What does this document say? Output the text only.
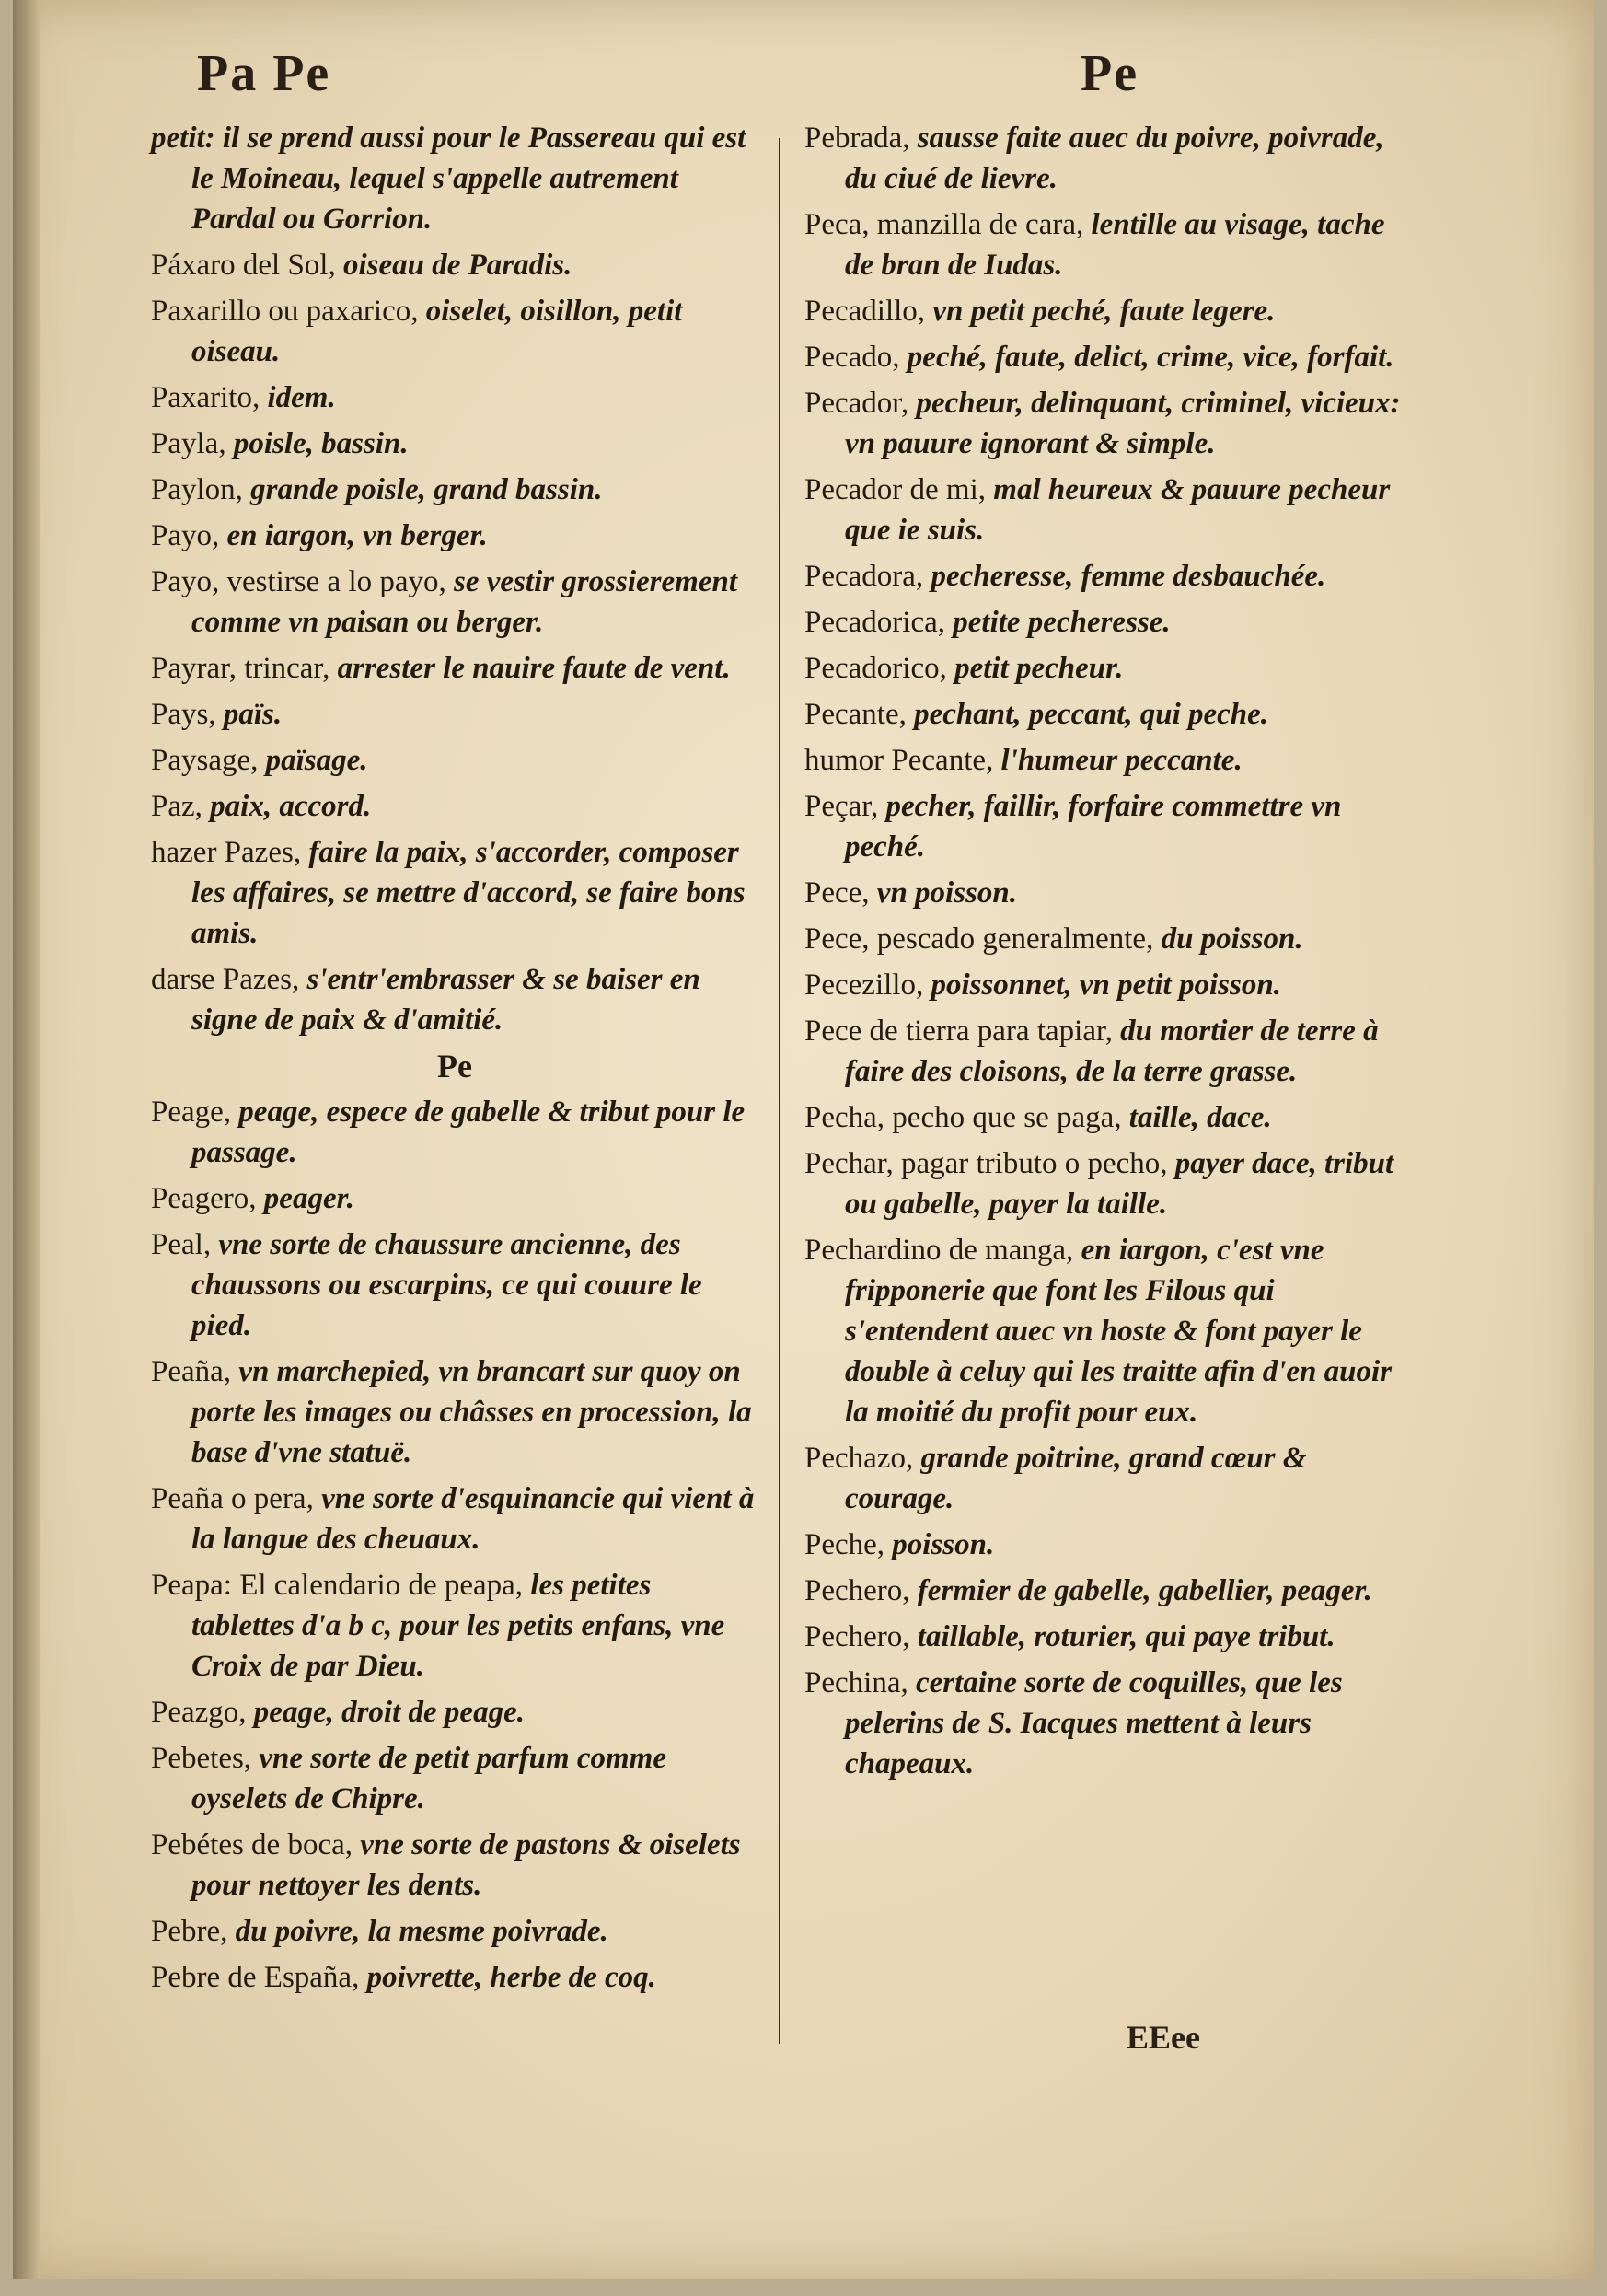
Pa Pe	Pe
petit: il se prend aussi pour le Passereau qui est le Moineau, lequel s'appelle autrement Pardal ou Gorrion.
Páxaro del Sol, oiseau de Paradis.
Paxarillo ou paxarico, oiselet, oisillon, petit oiseau.
Paxarito, idem.
Payla, poisle, bassin.
Paylon, grande poisle, grand bassin.
Payo, en iargon, vn berger.
Payo, vestirse a lo payo, se vestir grossierement comme vn paisan ou berger.
Payrar, trincar, arrester le nauire faute de vent.
Pays, païs.
Paysage, païsage.
Paz, paix, accord.
hazer Pazes, faire la paix, s'accorder, composer les affaires, se mettre d'accord, se faire bons amis.
darse Pazes, s'entr'embrasser & se baiser en signe de paix & d'amitié.
Pe
Peage, peage, espece de gabelle & tribut pour le passage.
Peagero, peager.
Peal, vne sorte de chaussure ancienne, des chaussons ou escarpins, ce qui couure le pied.
Peaña, vn marchepied, vn brancart sur quoy on porte les images ou châsses en procession, la base d'vne statuë.
Peaña o pera, vne sorte d'esquinancie qui vient à la langue des cheuaux.
Peapa: El calendario de peapa, les petites tablettes d'a b c, pour les petits enfans, vne Croix de par Dieu.
Peazgo, peage, droit de peage.
Pebetes, vne sorte de petit parfum comme oyselets de Chipre.
Pebétes de boca, vne sorte de pastons & oiselets pour nettoyer les dents.
Pebre, du poivre, la mesme poivrade.
Pebre de España, poivrette, herbe de coq.
Pebrada, sausse faite auec du poivre, poivrade, du ciué de lievre.
Peca, manzilla de cara, lentille au visage, tache de bran de Iudas.
Pecadillo, vn petit peché, faute legere.
Pecado, peché, faute, delict, crime, vice, forfait.
Pecador, pecheur, delinquant, criminel, vicieux: vn pauure ignorant & simple.
Pecador de mi, mal heureux & pauure pecheur que ie suis.
Pecadora, pecheresse, femme desbauchée.
Pecadorica, petite pecheresse.
Pecadorico, petit pecheur.
Pecante, pechant, peccant, qui peche.
humor Pecante, l'humeur peccante.
Peçar, pecher, faillir, forfaire commettre vn peché.
Pece, vn poisson.
Pece, pescado generalmente, du poisson.
Pecezillo, poissonnet, vn petit poisson.
Pece de tierra para tapiar, du mortier de terre à faire des cloisons, de la terre grasse.
Pecha, pecho que se paga, taille, dace.
Pechar, pagar tributo o pecho, payer dace, tribut ou gabelle, payer la taille.
Pechardino de manga, en iargon, c'est vne fripponerie que font les Filous qui s'entendent auec vn hoste & font payer le double à celuy qui les traitte afin d'en auoir la moitié du profit pour eux.
Pechazo, grande poitrine, grand cœur & courage.
Peche, poisson.
Pechero, fermier de gabelle, gabellier, peager.
Pechero, taillable, roturier, qui paye tribut.
Pechina, certaine sorte de coquilles, que les pelerins de S. Iacques mettent à leurs chapeaux.
EEee
